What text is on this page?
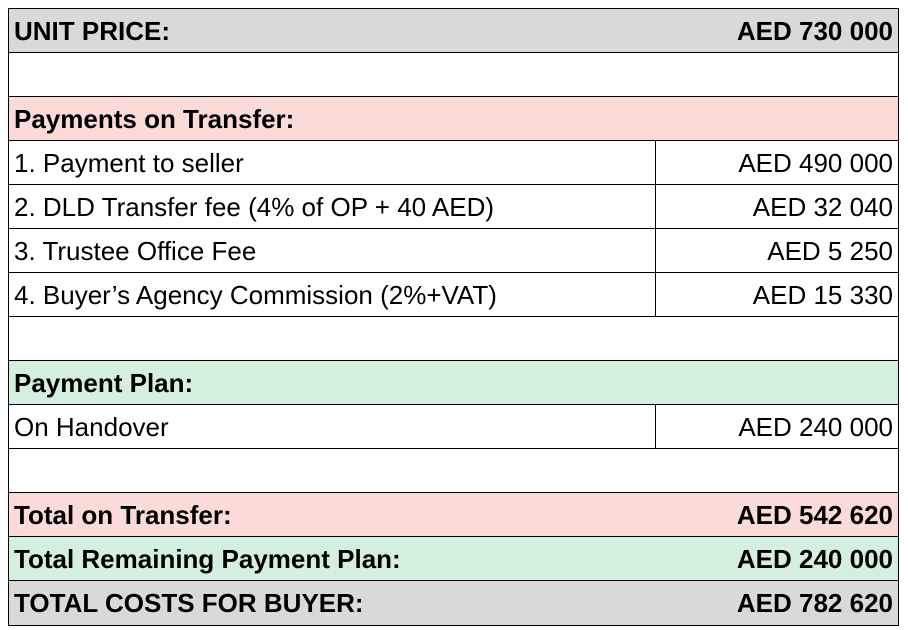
UNIT PRICE:	AED 730 000

Payments on Transfer:	
1. Payment to seller	AED 490 000
2. DLD Transfer fee (4% of OP + 40 AED)	AED 32 040
3. Trustee Office Fee	AED 5 250
4. Buyer’s Agency Commission (2%+VAT)	AED 15 330

Payment Plan:	
On Handover	AED 240 000

Total on Transfer:	AED 542 620
Total Remaining Payment Plan:	AED 240 000
TOTAL COSTS FOR BUYER:	AED 782 620
